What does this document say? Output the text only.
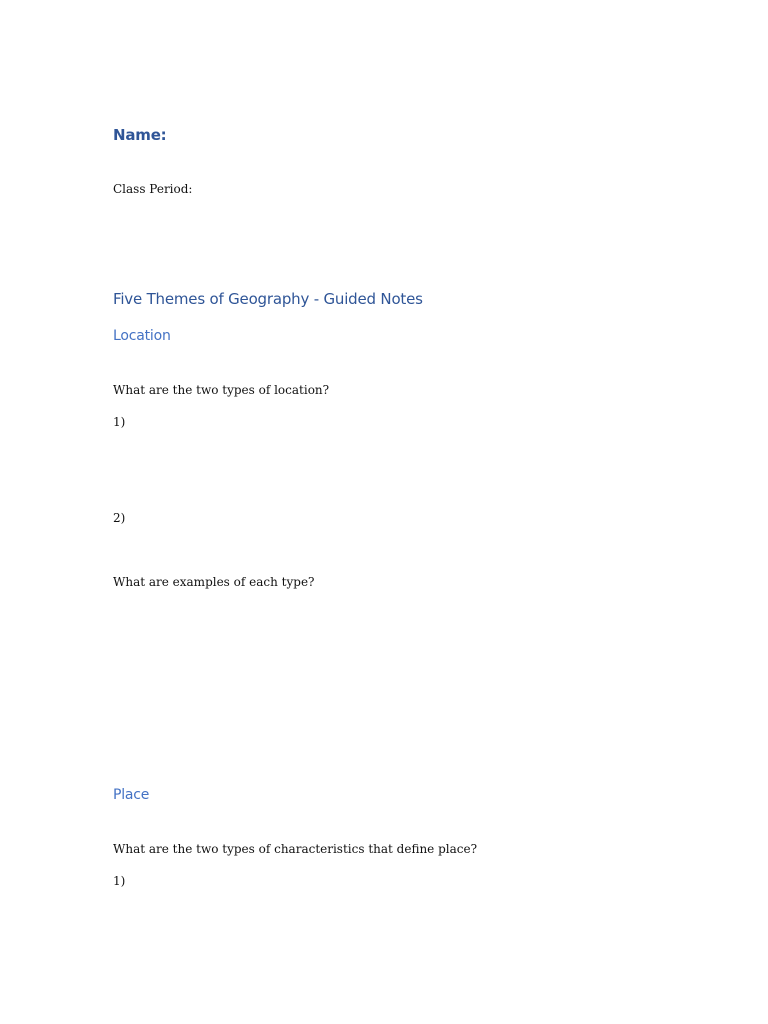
Name:

Class Period:

Five Themes of Geography - Guided Notes
Location

What are the two types of location?

1)

2)

What are examples of each type?

Place

What are the two types of characteristics that define place?

1)
